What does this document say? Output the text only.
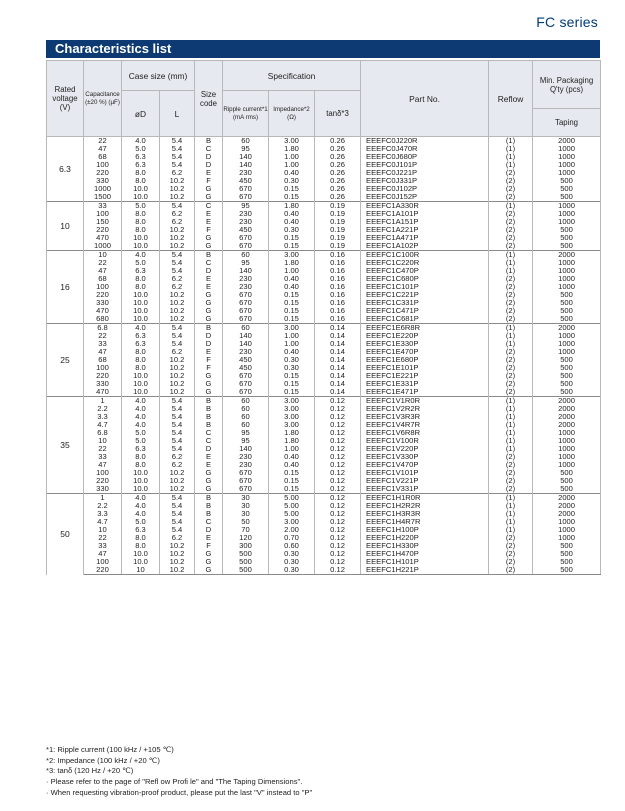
FC series
Characteristics list
Rated voltage (V)	Capacitance (±20 %) (µF)	Case size (mm)		Size code	Specification			Part No.	Reflow	Min. Packaging Q'ty (pcs)
		øD	L		Ripple current*1 (mA rms)	Impedance*2 (Ω)	tanδ*3			
										Taping
6.3	22	4.0	5.4	B	60	3.00	0.26	EEEFC0J220R	(1)	2000
	47	5.0	5.4	C	95	1.80	0.26	EEEFC0J470R	(1)	1000
	68	6.3	5.4	D	140	1.00	0.26	EEEFC0J680P	(1)	1000
	100	6.3	5.4	D	140	1.00	0.26	EEEFC0J101P	(1)	1000
	220	8.0	6.2	E	230	0.40	0.26	EEEFC0J221P	(2)	1000
	330	8.0	10.2	F	450	0.30	0.26	EEEFC0J331P	(2)	500
	1000	10.0	10.2	G	670	0.15	0.26	EEEFC0J102P	(2)	500
	1500	10.0	10.2	G	670	0.15	0.26	EEEFC0J152P	(2)	500
10	33	5.0	5.4	C	95	1.80	0.19	EEEFC1A330R	(1)	1000
	100	8.0	6.2	E	230	0.40	0.19	EEEFC1A101P	(2)	1000
	150	8.0	6.2	E	230	0.40	0.19	EEEFC1A151P	(2)	1000
	220	8.0	10.2	F	450	0.30	0.19	EEEFC1A221P	(2)	500
	470	10.0	10.2	G	670	0.15	0.19	EEEFC1A471P	(2)	500
	1000	10.0	10.2	G	670	0.15	0.19	EEEFC1A102P	(2)	500
16	10	4.0	5.4	B	60	3.00	0.16	EEEFC1C100R	(1)	2000
	22	5.0	5.4	C	95	1.80	0.16	EEEFC1C220R	(1)	1000
	47	6.3	5.4	D	140	1.00	0.16	EEEFC1C470P	(1)	1000
	68	8.0	6.2	E	230	0.40	0.16	EEEFC1C680P	(2)	1000
	100	8.0	6.2	E	230	0.40	0.16	EEEFC1C101P	(2)	1000
	220	10.0	10.2	G	670	0.15	0.16	EEEFC1C221P	(2)	500
	330	10.0	10.2	G	670	0.15	0.16	EEEFC1C331P	(2)	500
	470	10.0	10.2	G	670	0.15	0.16	EEEFC1C471P	(2)	500
	680	10.0	10.2	G	670	0.15	0.16	EEEFC1C681P	(2)	500
25	6.8	4.0	5.4	B	60	3.00	0.14	EEEFC1E6R8R	(1)	2000
	22	6.3	5.4	D	140	1.00	0.14	EEEFC1E220P	(1)	1000
	33	6.3	5.4	D	140	1.00	0.14	EEEFC1E330P	(1)	1000
	47	8.0	6.2	E	230	0.40	0.14	EEEFC1E470P	(2)	1000
	68	8.0	10.2	F	450	0.30	0.14	EEEFC1E680P	(2)	500
	100	8.0	10.2	F	450	0.30	0.14	EEEFC1E101P	(2)	500
	220	10.0	10.2	G	670	0.15	0.14	EEEFC1E221P	(2)	500
	330	10.0	10.2	G	670	0.15	0.14	EEEFC1E331P	(2)	500
	470	10.0	10.2	G	670	0.15	0.14	EEEFC1E471P	(2)	500
35	1	4.0	5.4	B	60	3.00	0.12	EEEFC1V1R0R	(1)	2000
	2.2	4.0	5.4	B	60	3.00	0.12	EEEFC1V2R2R	(1)	2000
	3.3	4.0	5.4	B	60	3.00	0.12	EEEFC1V3R3R	(1)	2000
	4.7	4.0	5.4	B	60	3.00	0.12	EEEFC1V4R7R	(1)	2000
	6.8	5.0	5.4	C	95	1.80	0.12	EEEFC1V6R8R	(1)	1000
	10	5.0	5.4	C	95	1.80	0.12	EEEFC1V100R	(1)	1000
	22	6.3	5.4	D	140	1.00	0.12	EEEFC1V220P	(1)	1000
	33	8.0	6.2	E	230	0.40	0.12	EEEFC1V330P	(2)	1000
	47	8.0	6.2	E	230	0.40	0.12	EEEFC1V470P	(2)	1000
	100	10.0	10.2	G	670	0.15	0.12	EEEFC1V101P	(2)	500
	220	10.0	10.2	G	670	0.15	0.12	EEEFC1V221P	(2)	500
	330	10.0	10.2	G	670	0.15	0.12	EEEFC1V331P	(2)	500
50	1	4.0	5.4	B	30	5.00	0.12	EEEFC1H1R0R	(1)	2000
	2.2	4.0	5.4	B	30	5.00	0.12	EEEFC1H2R2R	(1)	2000
	3.3	4.0	5.4	B	30	5.00	0.12	EEEFC1H3R3R	(1)	2000
	4.7	5.0	5.4	C	50	3.00	0.12	EEEFC1H4R7R	(1)	1000
	10	6.3	5.4	D	70	2.00	0.12	EEEFC1H100P	(1)	1000
	22	8.0	6.2	E	120	0.70	0.12	EEEFC1H220P	(2)	1000
	33	8.0	10.2	F	300	0.60	0.12	EEEFC1H330P	(2)	500
	47	10.0	10.2	G	500	0.30	0.12	EEEFC1H470P	(2)	500
	100	10.0	10.2	G	500	0.30	0.12	EEEFC1H101P	(2)	500
	220	10	10.2	G	500	0.30	0.12	EEEFC1H221P	(2)	500
*1: Ripple current (100 kHz / +105 ℃)
*2: Impedance (100 kHz / +20 ℃)
*3: tanδ (120 Hz / +20 ℃)
· Please refer to the page of "Refl ow Profi le" and "The Taping Dimensions".
· When requesting vibration-proof product, please put the last "V" instead to "P"
